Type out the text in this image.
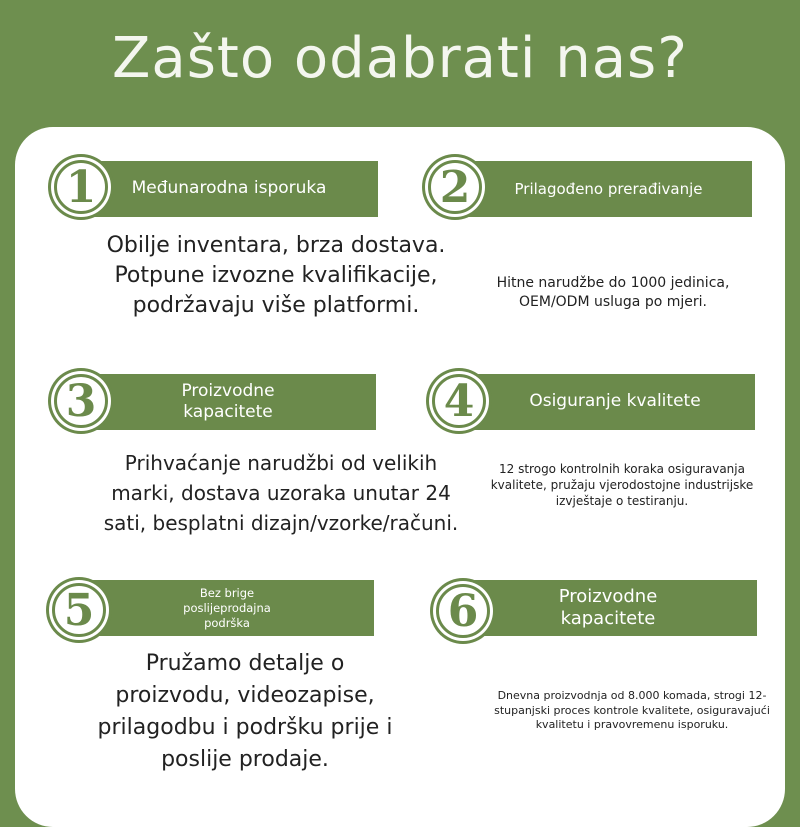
Zašto odabrati nas?
Međunarodna isporuka
1
Obilje inventara, brza dostava. Potpune izvozne kvalifikacije, podržavaju više platformi.
Prilagođeno prerađivanje
2
Hitne narudžbe do 1000 jedinica, OEM/ODM usluga po mjeri.
Proizvodne kapacitete
3
Prihvaćanje narudžbi od velikih marki, dostava uzoraka unutar 24 sati, besplatni dizajn/vzorke/računi.
Osiguranje kvalitete
4
12 strogo kontrolnih koraka osiguravanja kvalitete, pružaju vjerodostojne industrijske izvještaje o testiranju.
Bez brige poslijeprodajna podrška
5
Pružamo detalje o proizvodu, videozapise, prilagodbu i podršku prije i poslije prodaje.
Proizvodne kapacitete
6
Dnevna proizvodnja od 8.000 komada, strogi 12-stupanjski proces kontrole kvalitete, osiguravajući kvalitetu i pravovremenu isporuku.
